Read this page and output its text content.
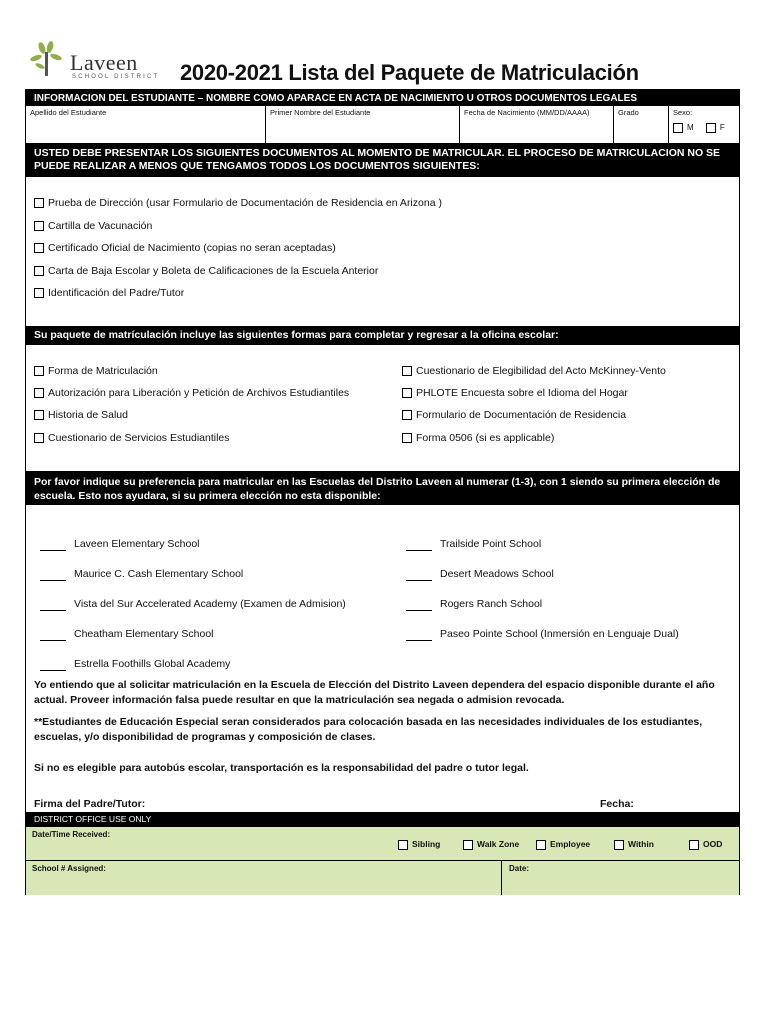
Laveen
SCHOOL DISTRICT 2020-2021 Lista del Paquete de Matriculación
INFORMACION DEL ESTUDIANTE – NOMBRE COMO APARACE EN ACTA DE NACIMIENTO U OTROS DOCUMENTOS LEGALES
Apellido del Estudiante	Primer Nombre del Estudiante	Fecha de Nacimiento (MM/DD/AAAA)	Grado	Sexo:
M	F
USTED DEBE PRESENTAR LOS SIGUIENTES DOCUMENTOS AL MOMENTO DE MATRICULAR. EL PROCESO DE MATRICULACION NO SE PUEDE REALIZAR A MENOS QUE TENGAMOS TODOS LOS DOCUMENTOS SIGUIENTES:
Prueba de Dirección (usar Formulario de Documentación de Residencia en Arizona )
Cartilla de Vacunación
Certificado Oficial de Nacimiento (copias no seran aceptadas)
Carta de Baja Escolar y Boleta de Calificaciones de la Escuela Anterior
Identificación del Padre/Tutor
Su paquete de matrículación incluye las siguientes formas para completar y regresar a la oficina escolar:
Forma de Matriculación
Autorización para Liberación y Petición de Archivos Estudiantiles
Historia de Salud
Cuestionario de Servicios Estudiantiles
Cuestionario de Elegibilidad del Acto McKinney-Vento
PHLOTE Encuesta sobre el Idioma del Hogar
Formulario de Documentación de Residencia
Forma 0506 (si es applicable)
Por favor indique su preferencia para matricular en las Escuelas del Distrito Laveen al numerar (1-3), con 1 siendo su primera elección de escuela. Esto nos ayudara, si su primera elección no esta disponible:
Laveen Elementary School
Maurice C. Cash Elementary School
Vista del Sur Accelerated Academy (Examen de Admision)
Cheatham Elementary School
Estrella Foothills Global Academy
Trailside Point School
Desert Meadows School
Rogers Ranch School
Paseo Pointe School (Inmersión en Lenguaje Dual)
Yo entiendo que al solicitar matriculación en la Escuela de Elección del Distrito Laveen dependera del espacio disponible durante el año actual. Proveer información falsa puede resultar en que la matriculación sea negada o admision revocada.
**Estudiantes de Educación Especial seran considerados para colocación basada en las necesidades individuales de los estudiantes, escuelas, y/o disponibilidad de programas y composición de clases.
Si no es elegible para autobús escolar, transportación es la responsabilidad del padre o tutor legal.
Firma del Padre/Tutor:	Fecha:
DISTRICT OFFICE USE ONLY
Date/Time Received:
Sibling	Walk Zone	Employee	Within	OOD
School # Assigned:	Date:
